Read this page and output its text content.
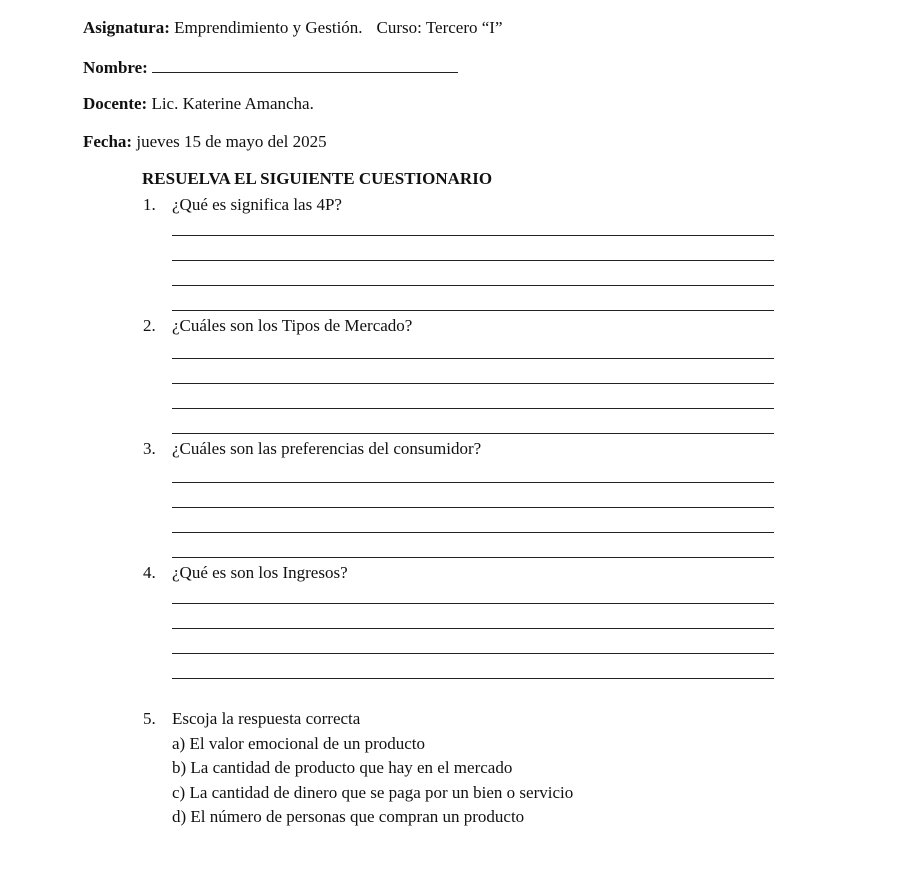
Asignatura: Emprendimiento y Gestión. Curso: Tercero “I”
Nombre:
Docente: Lic. Katerine Amancha.
Fecha: jueves 15 de mayo del 2025
RESUELVA EL SIGUIENTE CUESTIONARIO
1. ¿Qué es significa las 4P?
2. ¿Cuáles son los Tipos de Mercado?
3. ¿Cuáles son las preferencias del consumidor?
4. ¿Qué es son los Ingresos?
5. Escoja la respuesta correcta
a) El valor emocional de un producto
b) La cantidad de producto que hay en el mercado
c) La cantidad de dinero que se paga por un bien o servicio
d) El número de personas que compran un producto
